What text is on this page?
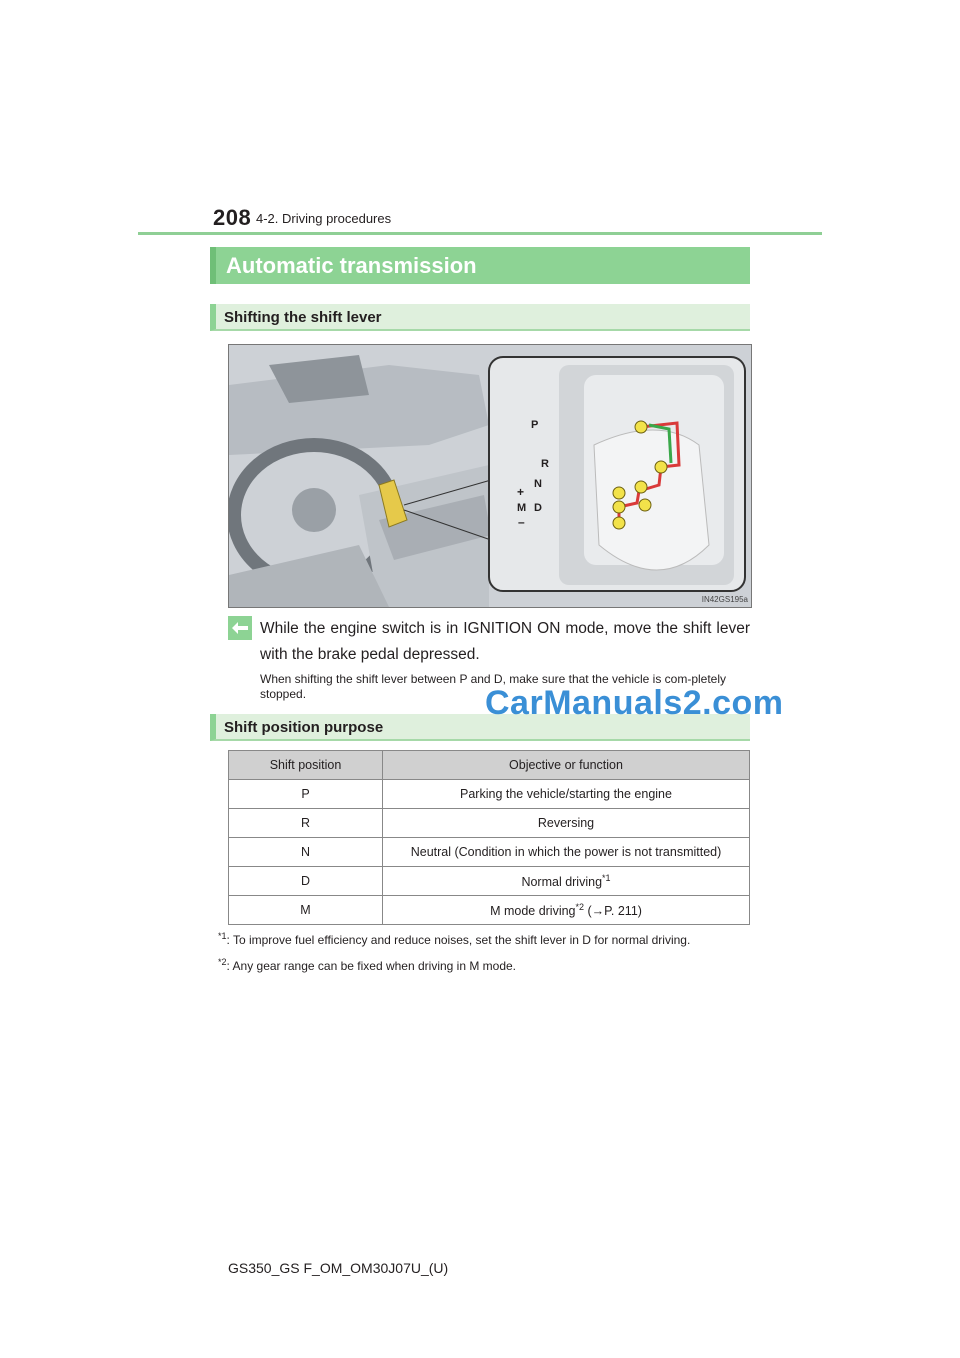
208 4-2. Driving procedures
Automatic transmission
Shifting the shift lever
P
R
N
+
M D
–
IN42GS195a
While the engine switch is in IGNITION ON mode, move the shift lever with the brake pedal depressed.
When shifting the shift lever between P and D, make sure that the vehicle is com-pletely stopped.
Shift position purpose
CarManuals2.com
Shift position	Objective or function
P	Parking the vehicle/starting the engine
R	Reversing
N	Neutral (Condition in which the power is not transmitted)
D	Normal driving$^{*1}$
M	M mode driving$^{*2}$ (→P. 211)
$^{*1}$: To improve fuel efficiency and reduce noises, set the shift lever in D for normal driving.
$^{*2}$: Any gear range can be fixed when driving in M mode.
GS350_GS F_OM_OM30J07U_(U)
